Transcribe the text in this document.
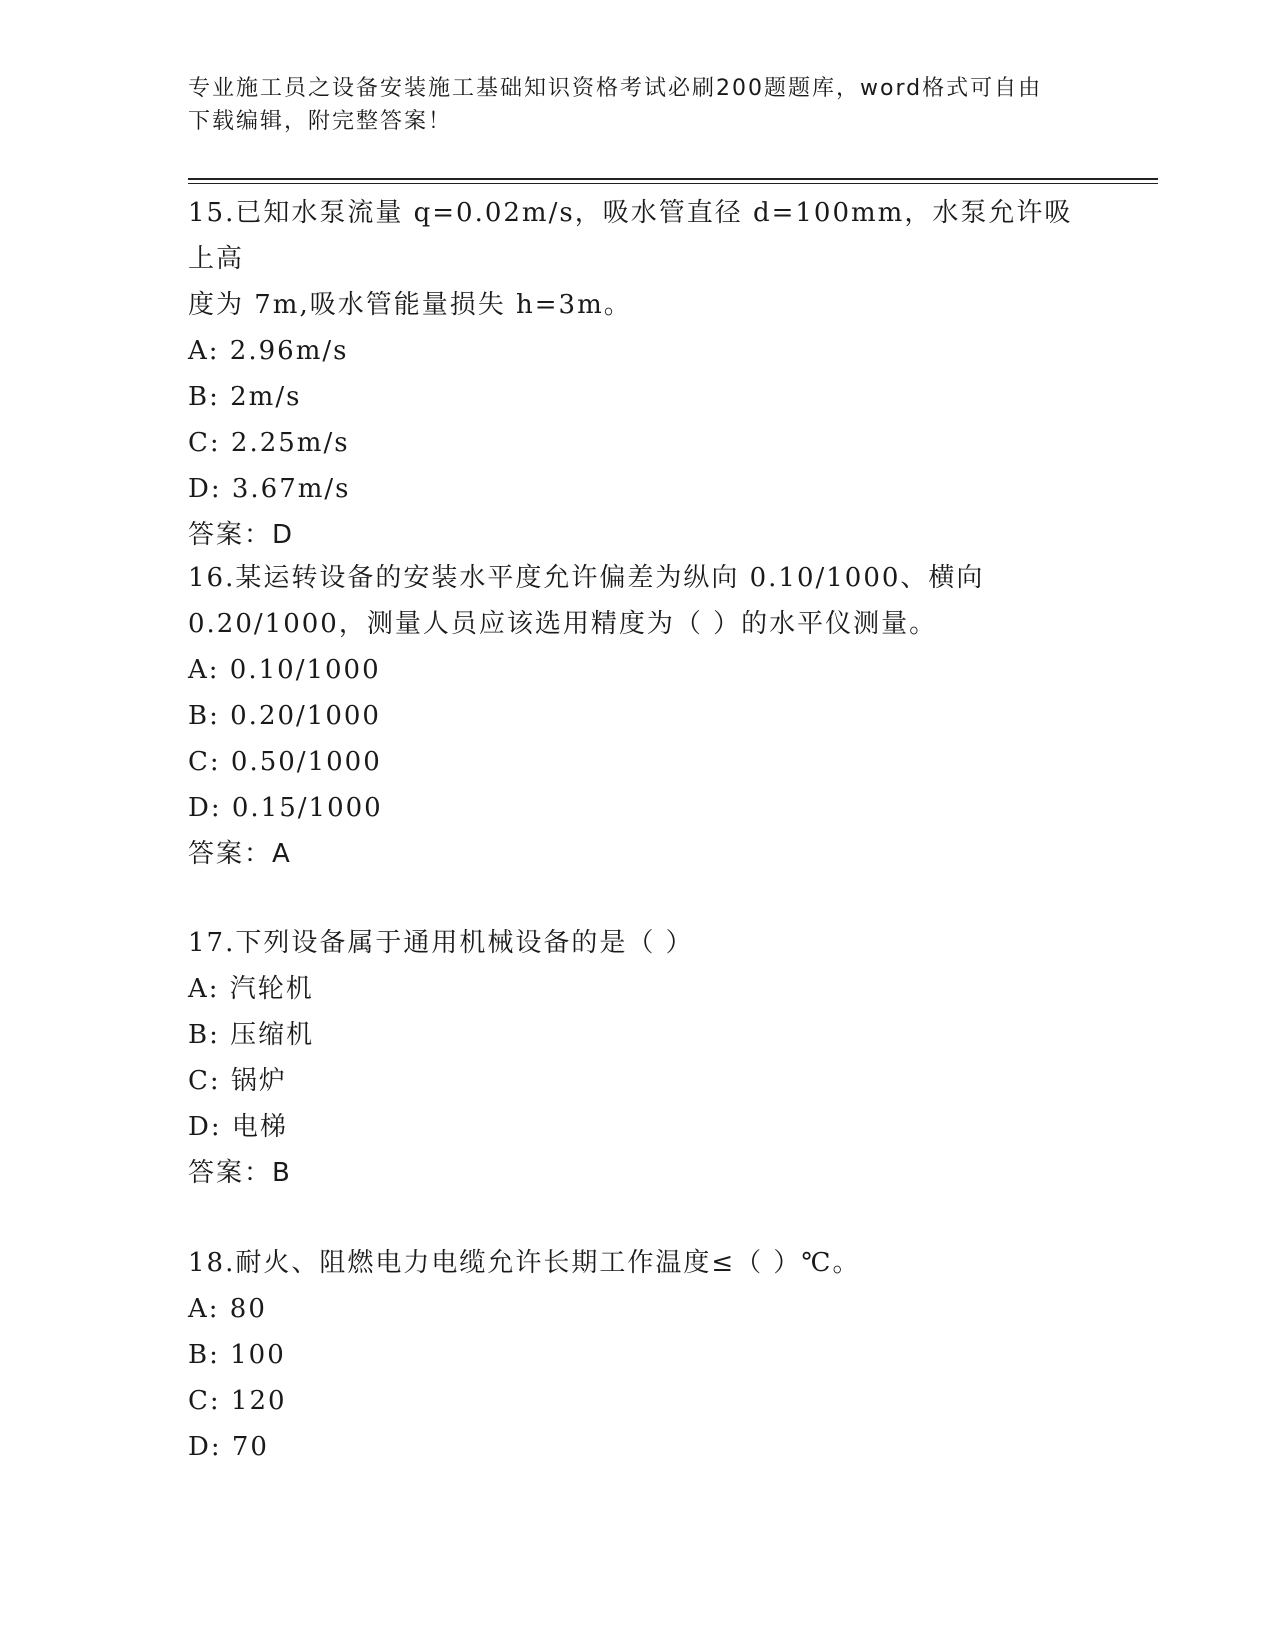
专业施工员之设备安装施工基础知识资格考试必刷200题题库，word格式可自由
下载编辑，附完整答案！

15.已知水泵流量 q=0.02m/s，吸水管直径 d=100mm，水泵允许吸上高

度为 7m,吸水管能量损失 h=3m。

A: 2.96m/s

B: 2m/s

C: 2.25m/s

D: 3.67m/s

答案：D

16.某运转设备的安装水平度允许偏差为纵向 0.10/1000、横向

0.20/1000，测量人员应该选用精度为（ ）的水平仪测量。

A: 0.10/1000

B: 0.20/1000

C: 0.50/1000

D: 0.15/1000

答案：A

17.下列设备属于通用机械设备的是（ ）

A: 汽轮机

B: 压缩机

C: 锅炉

D: 电梯

答案：B

18.耐火、阻燃电力电缆允许长期工作温度≤（ ）℃。

A: 80

B: 100

C: 120

D: 70
